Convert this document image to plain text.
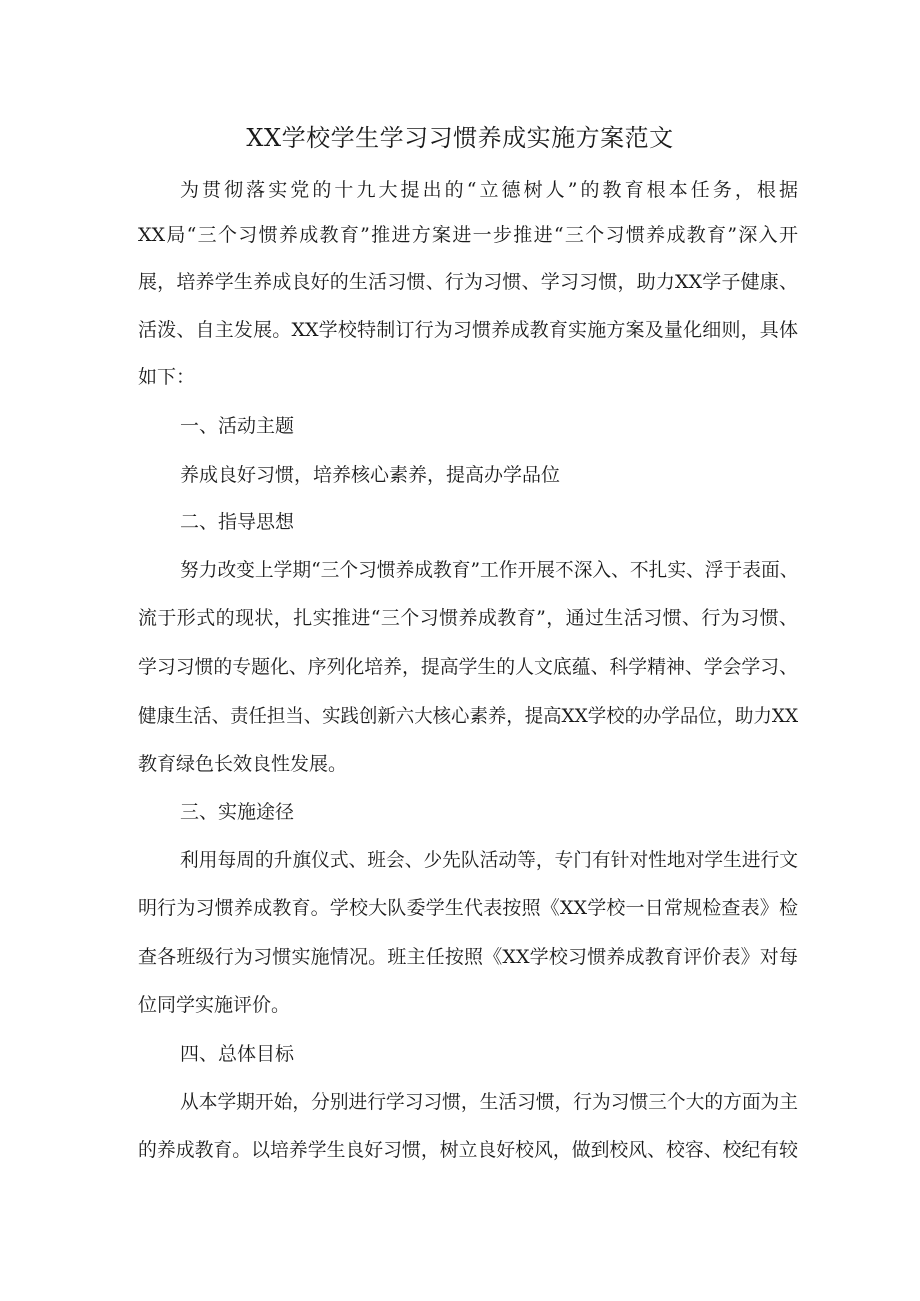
XX学校学生学习习惯养成实施方案范文

为贯彻落实党的十九大提出的“立德树人”的教育根本任务，根据

XX局“三个习惯养成教育”推进方案进一步推进“三个习惯养成教育”深入开

展，培养学生养成良好的生活习惯、行为习惯、学习习惯，助力XX学子健康、

活泼、自主发展。XX学校特制订行为习惯养成教育实施方案及量化细则，具体

如下：

一、活动主题

养成良好习惯，培养核心素养，提高办学品位

二、指导思想

努力改变上学期“三个习惯养成教育”工作开展不深入、不扎实、浮于表面、

流于形式的现状，扎实推进“三个习惯养成教育”，通过生活习惯、行为习惯、

学习习惯的专题化、序列化培养，提高学生的人文底蕴、科学精神、学会学习、

健康生活、责任担当、实践创新六大核心素养，提高XX学校的办学品位，助力XX

教育绿色长效良性发展。

三、实施途径

利用每周的升旗仪式、班会、少先队活动等，专门有针对性地对学生进行文

明行为习惯养成教育。学校大队委学生代表按照《XX学校一日常规检查表》检

查各班级行为习惯实施情况。班主任按照《XX学校习惯养成教育评价表》对每

位同学实施评价。

四、总体目标

从本学期开始，分别进行学习习惯，生活习惯，行为习惯三个大的方面为主

的养成教育。以培养学生良好习惯，树立良好校风，做到校风、校容、校纪有较
